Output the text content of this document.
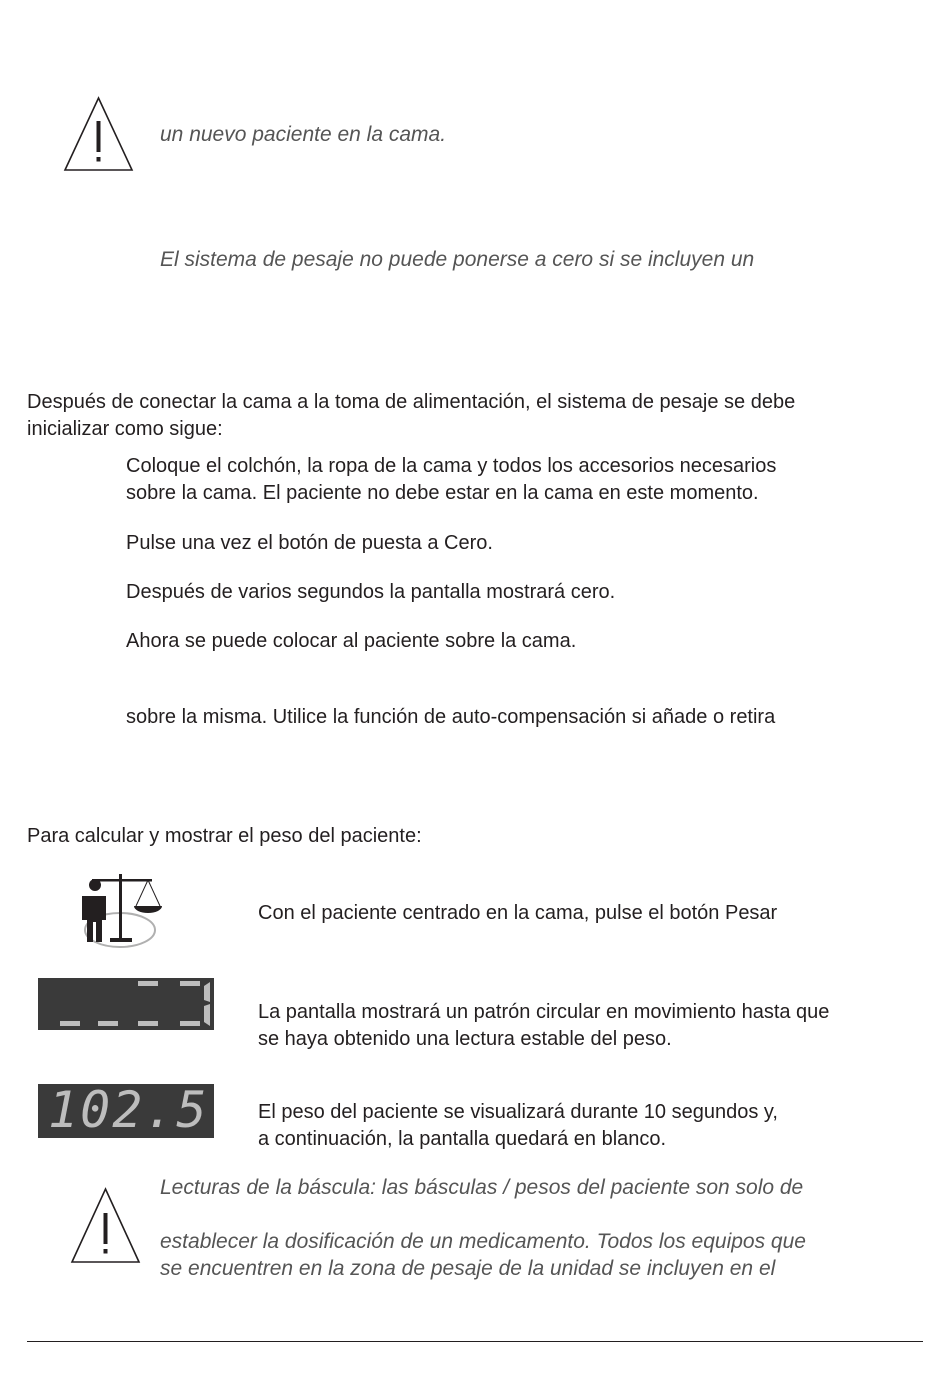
un nuevo paciente en la cama.
El sistema de pesaje no puede ponerse a cero si se incluyen un
Después de conectar la cama a la toma de alimentación, el sistema de pesaje se debe
inicializar como sigue:
Coloque el colchón, la ropa de la cama y todos los accesorios necesarios
sobre la cama. El paciente no debe estar en la cama en este momento.
Pulse una vez el botón de puesta a Cero.
Después de varios segundos la pantalla mostrará cero.
Ahora se puede colocar al paciente sobre la cama.
sobre la misma. Utilice la función de auto-compensación si añade o retira
Para calcular y mostrar el peso del paciente:
Con el paciente centrado en la cama, pulse el botón Pesar
La pantalla mostrará un patrón circular en movimiento hasta que
se haya obtenido una lectura estable del peso.
102.5 El peso del paciente se visualizará durante 10 segundos y,
a continuación, la pantalla quedará en blanco.
Lecturas de la báscula: las básculas / pesos del paciente son solo de
establecer la dosificación de un medicamento. Todos los equipos que
se encuentren en la zona de pesaje de la unidad se incluyen en el
